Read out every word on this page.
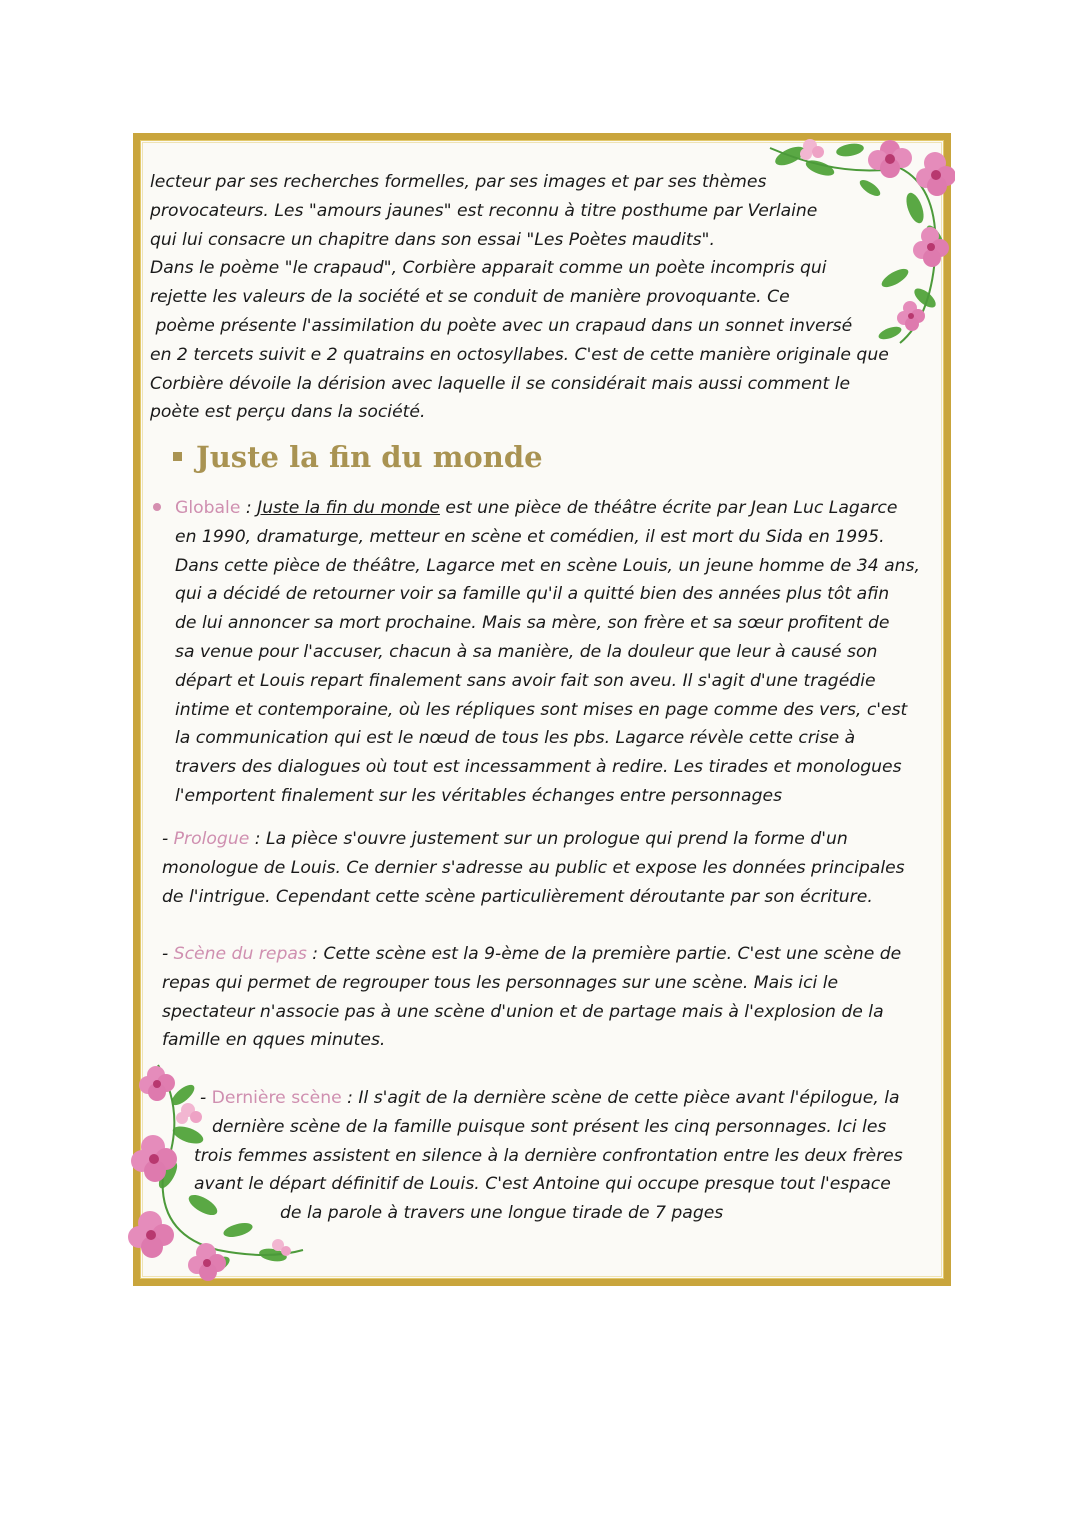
lecteur par ses recherches formelles, par ses images et par ses thèmes
provocateurs. Les "amours jaunes" est reconnu à titre posthume par Verlaine
qui lui consacre un chapitre dans son essai "Les Poètes maudits".
Dans le poème "le crapaud", Corbière apparait comme un poète incompris qui
rejette les valeurs de la société et se conduit de manière provoquante. Ce
poème présente l'assimilation du poète avec un crapaud dans un sonnet inversé
en 2 tercets suivit e 2 quatrains en octosyllabes. C'est de cette manière originale que
Corbière dévoile la dérision avec laquelle il se considérait mais aussi comment le
poète est perçu dans la société.
Juste la fin du monde
Globale : Juste la fin du monde est une pièce de théâtre écrite par Jean Luc Lagarce
en 1990, dramaturge, metteur en scène et comédien, il est mort du Sida en 1995.
Dans cette pièce de théâtre, Lagarce met en scène Louis, un jeune homme de 34 ans,
qui a décidé de retourner voir sa famille qu'il a quitté bien des années plus tôt afin
de lui annoncer sa mort prochaine. Mais sa mère, son frère et sa sœur profitent de
sa venue pour l'accuser, chacun à sa manière, de la douleur que leur à causé son
départ et Louis repart finalement sans avoir fait son aveu. Il s'agit d'une tragédie
intime et contemporaine, où les répliques sont mises en page comme des vers, c'est
la communication qui est le nœud de tous les pbs. Lagarce révèle cette crise à
travers des dialogues où tout est incessamment à redire. Les tirades et monologues
l'emportent finalement sur les véritables échanges entre personnages
- Prologue : La pièce s'ouvre justement sur un prologue qui prend la forme d'un
monologue de Louis. Ce dernier s'adresse au public et expose les données principales
de l'intrigue. Cependant cette scène particulièrement déroutante par son écriture.
- Scène du repas : Cette scène est la 9-ème de la première partie. C'est une scène de
repas qui permet de regrouper tous les personnages sur une scène. Mais ici le
spectateur n'associe pas à une scène d'union et de partage mais à l'explosion de la
famille en qques minutes.
- Dernière scène : Il s'agit de la dernière scène de cette pièce avant l'épilogue, la
dernière scène de la famille puisque sont présent les cinq personnages. Ici les
trois femmes assistent en silence à la dernière confrontation entre les deux frères
avant le départ définitif de Louis. C'est Antoine qui occupe presque tout l'espace
de la parole à travers une longue tirade de 7 pages
